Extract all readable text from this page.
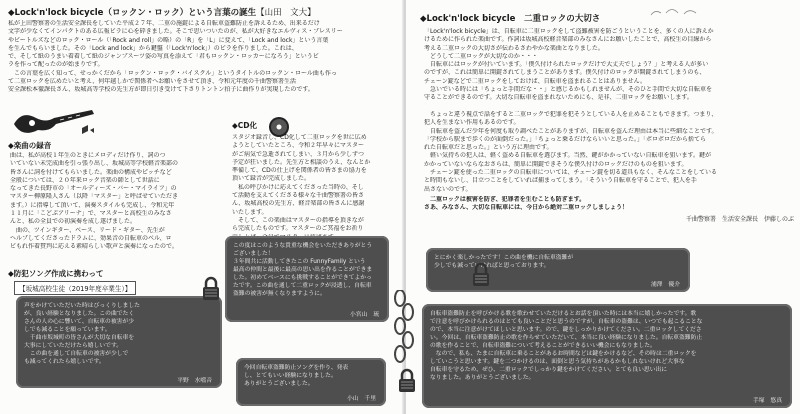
◆Lock'n'lock bicycle（ロックン・ロック）という言葉の誕生【山田　文大】
私が上田警察署の生活安全課長をしていた平成２７年、二重の施錠による自転車盗難防止を訴えるため、出来るだけ
文字が少なくてインパクトのある広報ビラに心を砕きました。そこで思いついたのが、私が大好きなエルヴィス・プレスリー
やビートルズなどのロック・ロール（「Rock and roll」の略）の「R」を「L」に変えて、「Lock and lock」という言葉
を生んでもらいました。その「Lock and lock」から鍵盤（「Lock'n'lock」）のビラを作りました。これは、
で、そして紙のうまい着着して紙のジャンプスーツ姿の写真を添えて「君もロックン・ロッカーになろう」というビ
ラを作って配ったのが始まりです。
　この言葉を広く知って、せっかくだから「ロックン・ロック・バイスクル」というタイトルのロックン・ロール曲も作っ
て二重ロックを広めたいと考え、何年越しかで関係者へお願いをさせて頂き、令和元年度の千曲警察署生活
安全課松本徹課長さん、坂城高等学校の先生方が即日引き受けて下さりトントン拍子に曲作りが実現したのです。
◆楽曲の録音
曲は、私が高校１年生のときにメロディだけ作り、詞のつ
いていない未完成曲を引っ張り出し、坂城高等学校軽音楽部の
皆さんに詞を付けてもらいました。楽曲の構成やピッチなど
全般については、２０年来ロック音楽の師として世話に
なってきた長野市の「オールディーズ・バー・マイライフ」の
マスター柳原隆人さん（以降「マスター」と呼ばせていただき
ます。）に指導して頂いて、演奏スタイルも完成し、令和元年
１１月に「こどぷアリーナ」で、マスターと高校生のみなさ
んと、私の全員での初演奏を成し遂げました。
　曲の、ツインギター、ベース、リード・ギター、先生が
ヘルプしてくださったドラムに、効果音の自転車のベル、ロ
ビもれ作着賛判に応える素晴らしい歌声と演奏になったので。
◆CD化
スタジオ録音し、CD化して二重ロックを世に広め
ようとしていたところ、令和２年早々にマスター
がご病気で急逝されてしまい、３月から少しずつ
予定が狂いました。先生方と相談のうえ、なんとか
準備して、CDの仕上げを関係者の皆さまの協力を
頂いて録音が完成しました。
　私の呼びかけに応えてくださった当時の、そし
て活動を支えてくださる様々な千曲警察署の皆さ
ん、坂城高校の先生方、軽音楽部の皆さんに感謝
いたします。
　そして、この楽曲はマスターの指導を頂きなが
ら完成したものです。マスターのご冥福をお祈り
◆防犯ソング作成に携わって
【坂城高校生徒（2019年度卒業生）】
◆Lock'n'lock bicycle　二重ロックの大切さ
「Lock'n'lock bicycle」は、自転車に二重ロックをして盗難被害を防ごうということを、多くの人に訴えか
けるために作られた楽曲です。作詞は坂城高校軽音楽部のみなさんにお願いしたことで、高校生の目線から
考える二重ロックの大切さが伝わるさわやかな楽曲となりました。
　どうして二重ロックが大切なのか・・・
　自転車にはロックが付いています。「僕久付けられたロックだけで大丈夫でしょう？」と考える人が多い
のですが、これは簡単に開錠されてしまうことがあります。僕久付けのロックが開錠されてしまうのも、
チェーン錠などで二重ロックをしておけば、自転車を盗まれることはありません。
　急いでいる時には「ちょっと手間だな・・」と感じるかもしれませんが、そのひと手間で大切な自転車を
守ることができるのです。大切な自転車を盗まれないためにも、是非、二重ロックをお願いします。

　ちょっと違う視点で話をすると二重ロックで犯罪を犯そうとしている人を止めることもできます。つまり、
犯人を生まない作用もあるのです。
　自転車を盗んだ少年を何度も取り調べたことがありますが、自転車を盗んだ理由は本当に些細なことです。
「学校から駅まで歩くのが面倒だった。」「ちょっと乗るだけならいいと思った。」「ボロボロだから捨てら
れた自転車だと思った。」という方に理由です。
　軽い気持ちの犯人は、軽く盗める自転車を選びます。当然、鍵がかかっていない自転車を狙います。鍵が
かかっていないならなおさらは、簡単に開錠できそうな僕久付けのロックだけのものを狙います。
　チェーン錠を使った二重ロックの自転車については、チェーン錠を切る道具もなく、そんなことをしている
と時間もないし、目立つことをしていれば捕まってしまう。「そういう自転車を守ることで、犯人を手
出さないのです。
　二重ロックは被害を防ぎ、犯罪者を生むことも防ぎます。
さあ、みなさん、大切な自転車には、今日から絶対二重ロックしましょう！
千曲警察署　生活安全課長　伊藤しのぶ

この度はこのような貴重な機会をいただきありがとう

ございました！

３年間共に活動してきたこの FunnyFamily という

最高の仲間と最後に最高の思い出を作ることができま

した。初めてベースにも挑戦することができてよかっ

たです。この曲を通して二重ロックが浸透し、自転車

盗難の被害が無くなりますように。

小宮山　琉

とにかく楽しかったです！この曲を機に自転車盗難が

少しでも減っていければと思っております。

浦澤　優介

声をかけていただいた時はびっくりしました

が、良い経験となりました。この曲でたく

さんの人の心に響いて、自転車の被害が少

しでも減ることを願っています。

　千曲市坂城町の皆さんが大切な自転車を

大事にしていただけたら嬉しいです。

　この曲を通して自転車の被害が少しで

も減ってくれたら嬉しいです。

平野　水噹音

今回自転車盗難防止ソングを作り、発表

し、とてもいい経験になりました。

ありがとうございました。

小山　千里

自転車盗難防止を呼びかける歌を歌わせていただけるとお話を頂いた時には本当に嬉しかったです。歌

で注意を呼びかけられるのはとても良いことだと思うのですが、自転車の盗難は、いつでも起こることな

ので、本当に注意がけてほしいと思います。ので、鍵をしっかりかけてください。二重ロックしてくださ

い。今回は、自転車盗難防止の歌を作らせていただいて、本当に良い経験になりました。自転車盗難防止

の歌を作ることで、自転車盗難について考えることができるいい機会にもなりました。

　なので、私も、たまに自転車に乗ることがあるお時間などは鍵をかけるなど、その時は二重ロックを

していこうと思います。鍵を二つかけるのは、面倒と思う気持ちがあるかもしれないけれど大事な

自転車を守るため、ぜひ、二重ロックでしっかり鍵をかけてください。とても良い思い出に

なりました。ありがとうございました。

手塚　悠真
